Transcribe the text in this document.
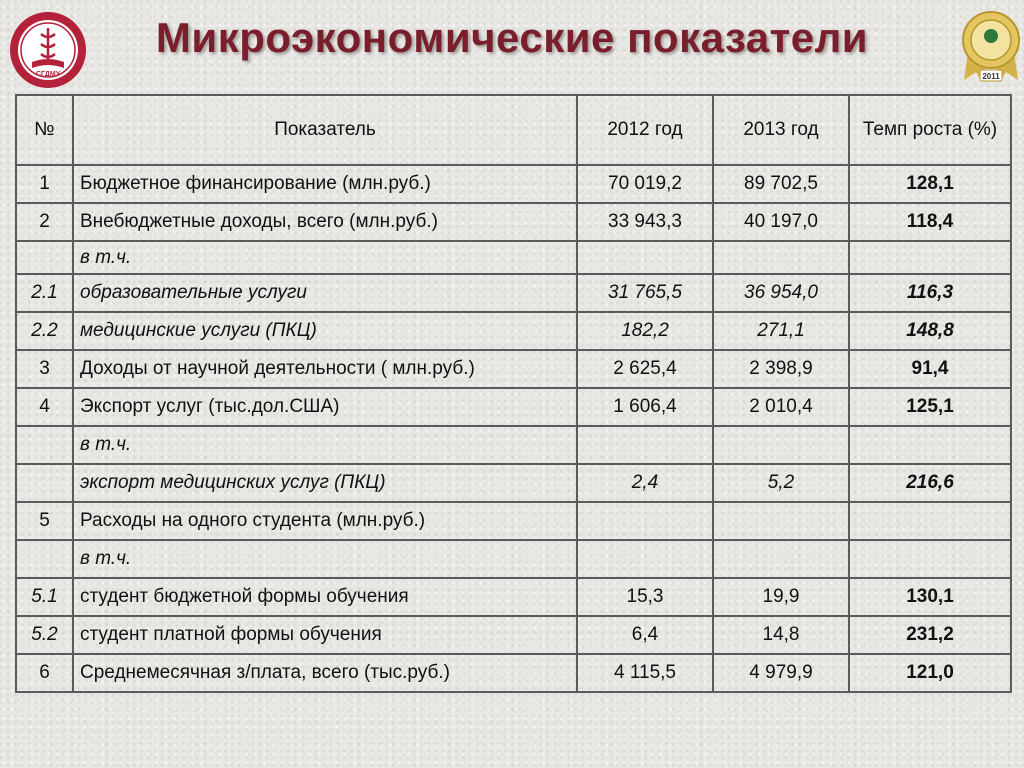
СГДМУ
Микроэкономические показатели
2011
№	Показатель	2012 год	2013 год	Темп роста (%)
1	Бюджетное финансирование (млн.руб.)	70 019,2	89 702,5	128,1
2	Внебюджетные доходы, всего (млн.руб.)	33 943,3	40 197,0	118,4
	в т.ч.			
2.1	образовательные услуги	31 765,5	36 954,0	116,3
2.2	медицинские услуги (ПКЦ)	182,2	271,1	148,8
3	Доходы от научной деятельности ( млн.руб.)	2 625,4	2 398,9	91,4
4	Экспорт услуг (тыс.дол.США)	1 606,4	2 010,4	125,1
	в т.ч.			
	экспорт медицинских услуг (ПКЦ)	2,4	5,2	216,6
5	Расходы на одного студента (млн.руб.)			
	в т.ч.			
5.1	студент бюджетной формы обучения	15,3	19,9	130,1
5.2	студент платной формы обучения	6,4	14,8	231,2
6	Среднемесячная з/плата, всего (тыс.руб.)	4 115,5	4 979,9	121,0
